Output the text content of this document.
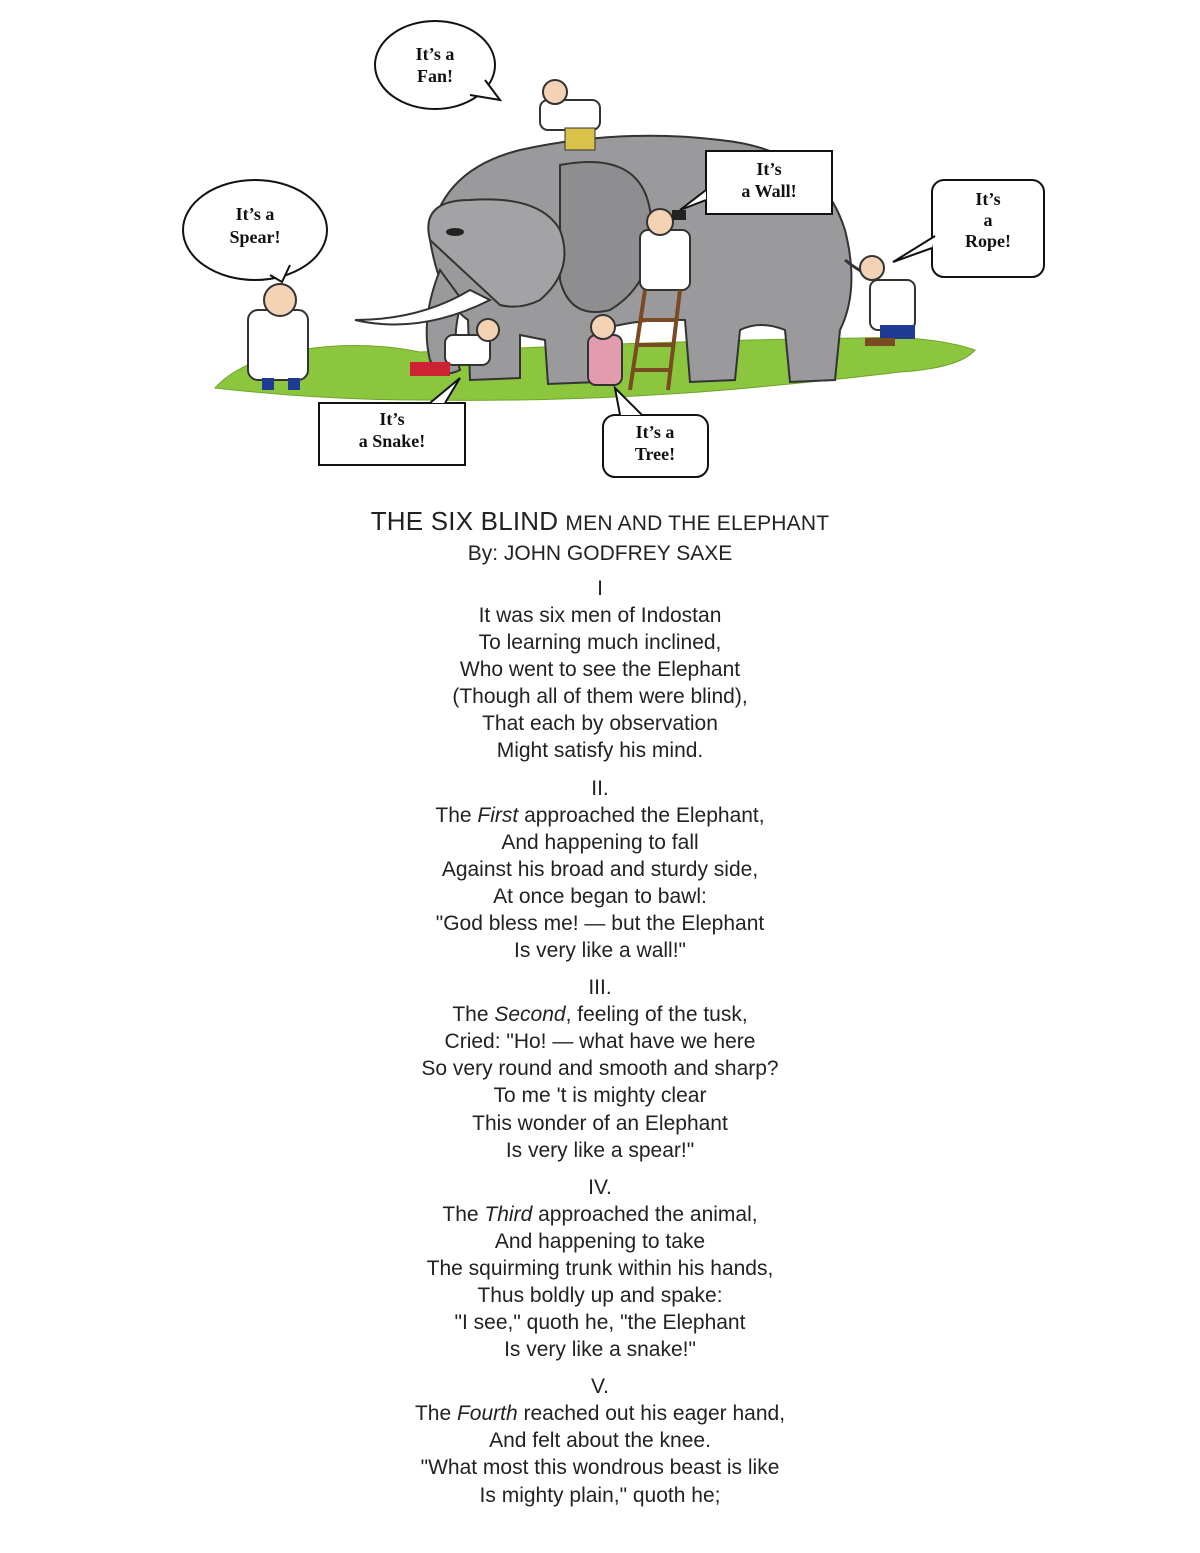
It’s a
Fan!
It’s
a Wall!
It’s a
Spear!
It’s
a
Rope!
It’s
a Snake!	It’s a
Tree!
THE SIX BLIND MEN AND THE ELEPHANT
By: JOHN GODFREY SAXE
I
It was six men of Indostan
To learning much inclined,
Who went to see the Elephant
(Though all of them were blind),
That each by observation
Might satisfy his mind.
II.
The First approached the Elephant,
And happening to fall
Against his broad and sturdy side,
At once began to bawl:
"God bless me! — but the Elephant
Is very like a wall!"
III.
The Second, feeling of the tusk,
Cried: "Ho! — what have we here
So very round and smooth and sharp?
To me 't is mighty clear
This wonder of an Elephant
Is very like a spear!"
IV.
The Third approached the animal,
And happening to take
The squirming trunk within his hands,
Thus boldly up and spake:
"I see," quoth he, "the Elephant
Is very like a snake!"
V.
The Fourth reached out his eager hand,
And felt about the knee.
"What most this wondrous beast is like
Is mighty plain," quoth he;
